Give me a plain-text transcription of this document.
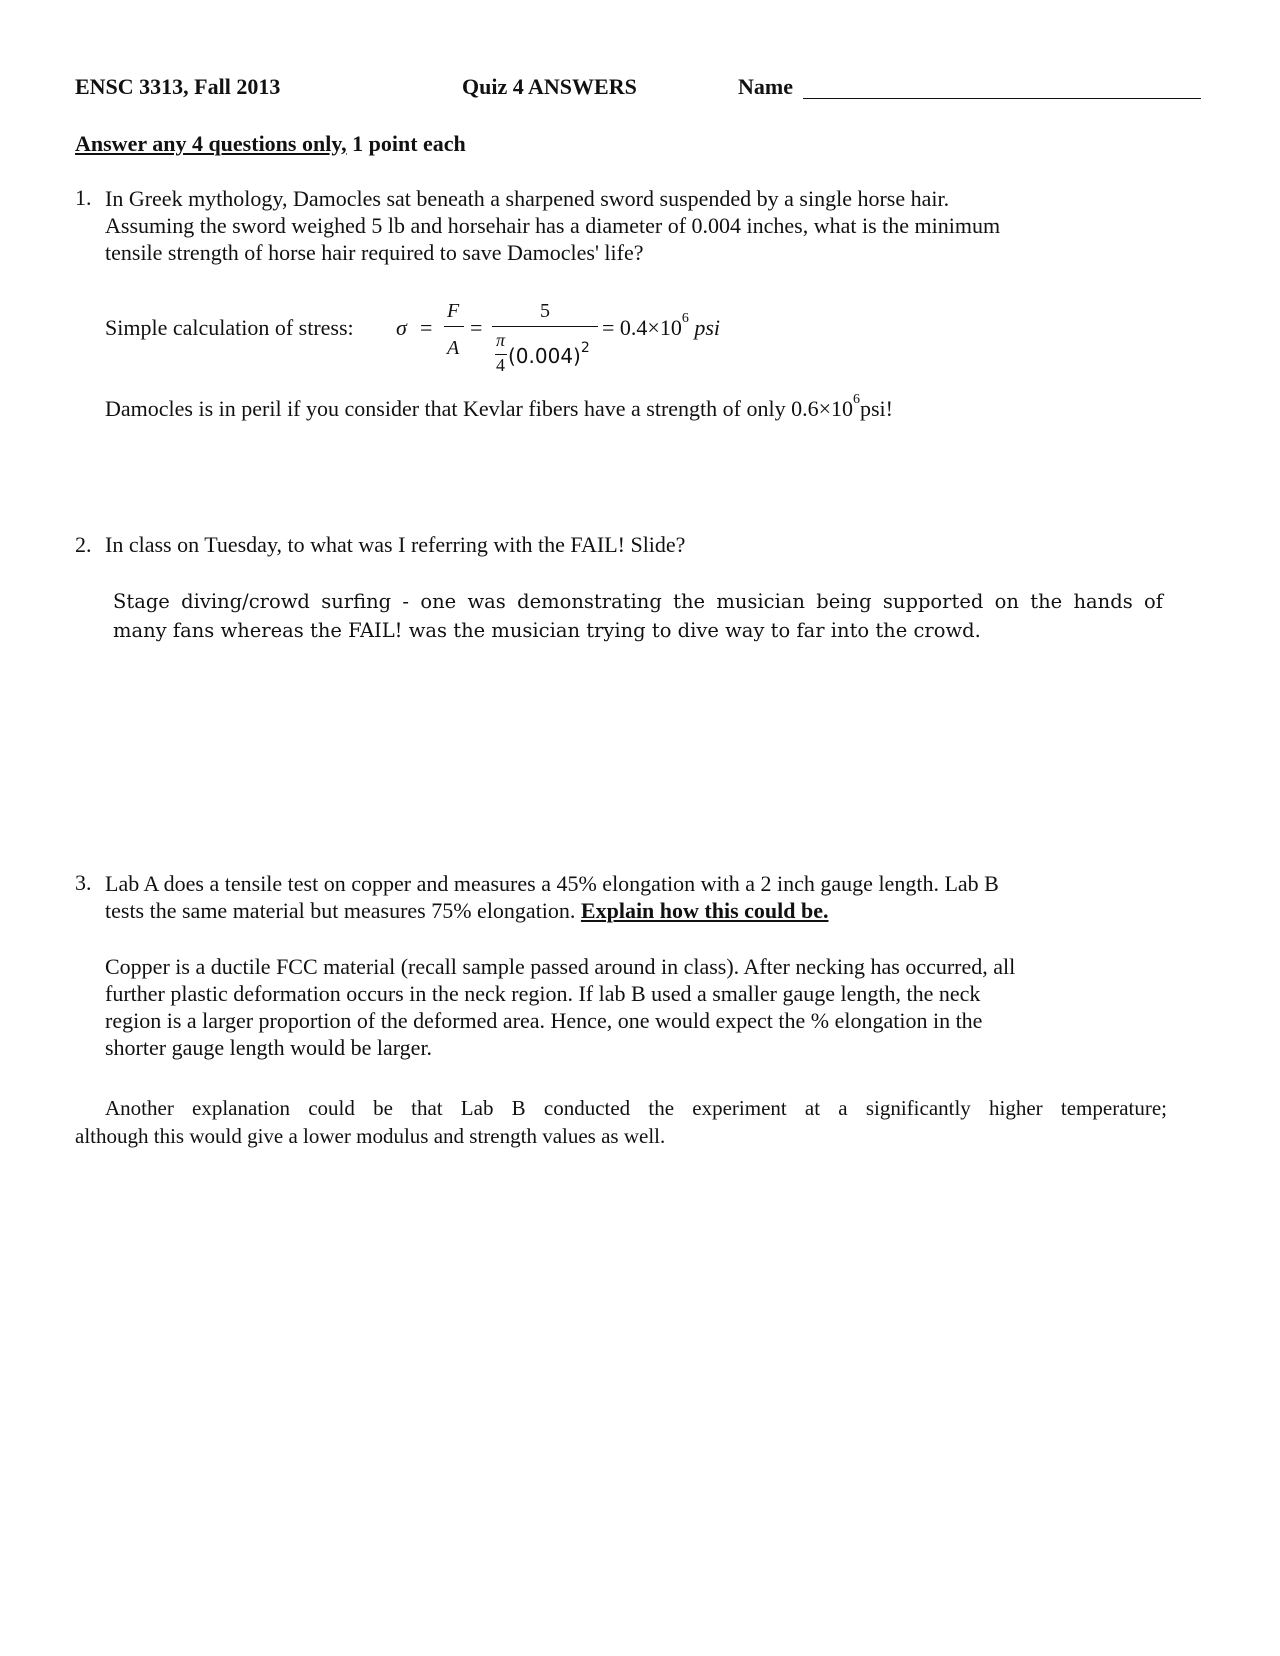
ENSC 3313, Fall 2013	Quiz 4 ANSWERS	Name
Answer any 4 questions only, 1 point each
1. In Greek mythology, Damocles sat beneath a sharpened sword suspended by a single horse hair.
Assuming the sword weighed 5 lb and horsehair has a diameter of 0.004 inches, what is the minimum
tensile strength of horse hair required to save Damocles' life?
Simple calculation of stress: σ =
F
A
=
5
π
4 $(0.004)^2$
= $0.4\times 10^6$ psi
Damocles is in peril if you consider that Kevlar fibers have a strength of only $0.6\times 10^6psi$!
2. In class on Tuesday, to what was I referring with the FAIL! Slide?
Stage diving/crowd surfing - one was demonstrating the musician being supported on the hands of
many fans whereas the FAIL! was the musician trying to dive way to far into the crowd.
3. Lab A does a tensile test on copper and measures a 45% elongation with a 2 inch gauge length. Lab B
tests the same material but measures 75% elongation. Explain how this could be.
Copper is a ductile FCC material (recall sample passed around in class). After necking has occurred, all
further plastic deformation occurs in the neck region. If lab B used a smaller gauge length, the neck
region is a larger proportion of the deformed area. Hence, one would expect the % elongation in the
shorter gauge length would be larger.
Another explanation could be that Lab B conducted the experiment at a significantly higher temperature;
although this would give a lower modulus and strength values as well.
